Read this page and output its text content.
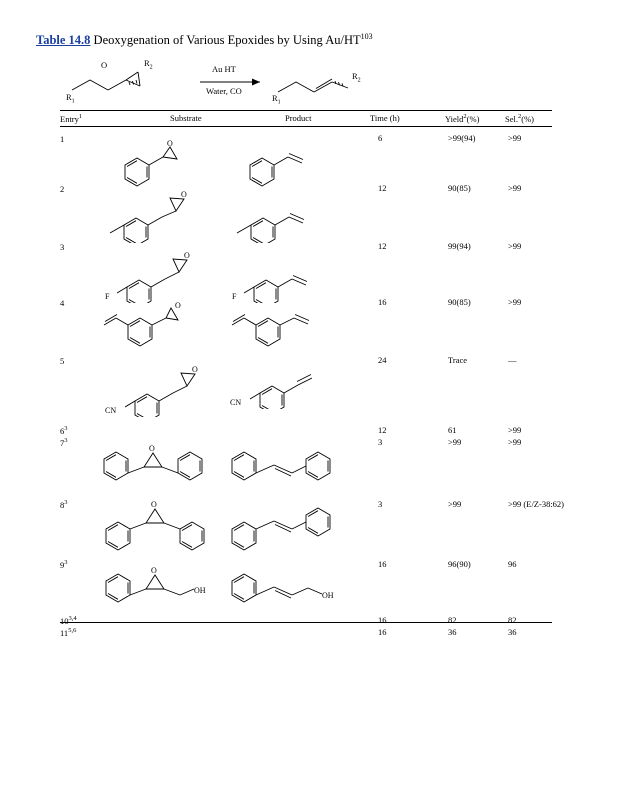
Table 14.8 Deoxygenation of Various Epoxides by Using Au/HT$^{103}$
$R_2$
$R_1$
O
$R_2$
$R_1$
Au HT
Water, CO
Entry$^1$	Substrate	Product	Time (h)	Yield$^2$(%)	Sel.$^2$(%)
1	6	>99(94)	>99
O
2	12	90(85)	>99
O
3	12	99(94)	>99
F
O
F
4	16	90(85)	>99
O
5	24	Trace	—
CN
O
CN
$6^3$	12	61	>99
$7^3$	3	>99	>99
O
$8^3$	3	>99	>99 (E/Z-38:62)
O
$9^3$	16	96(90)	96
O
OH
OH
10$^{3,4}$	16	82	82
11$^{5,6}$	16	36	36
